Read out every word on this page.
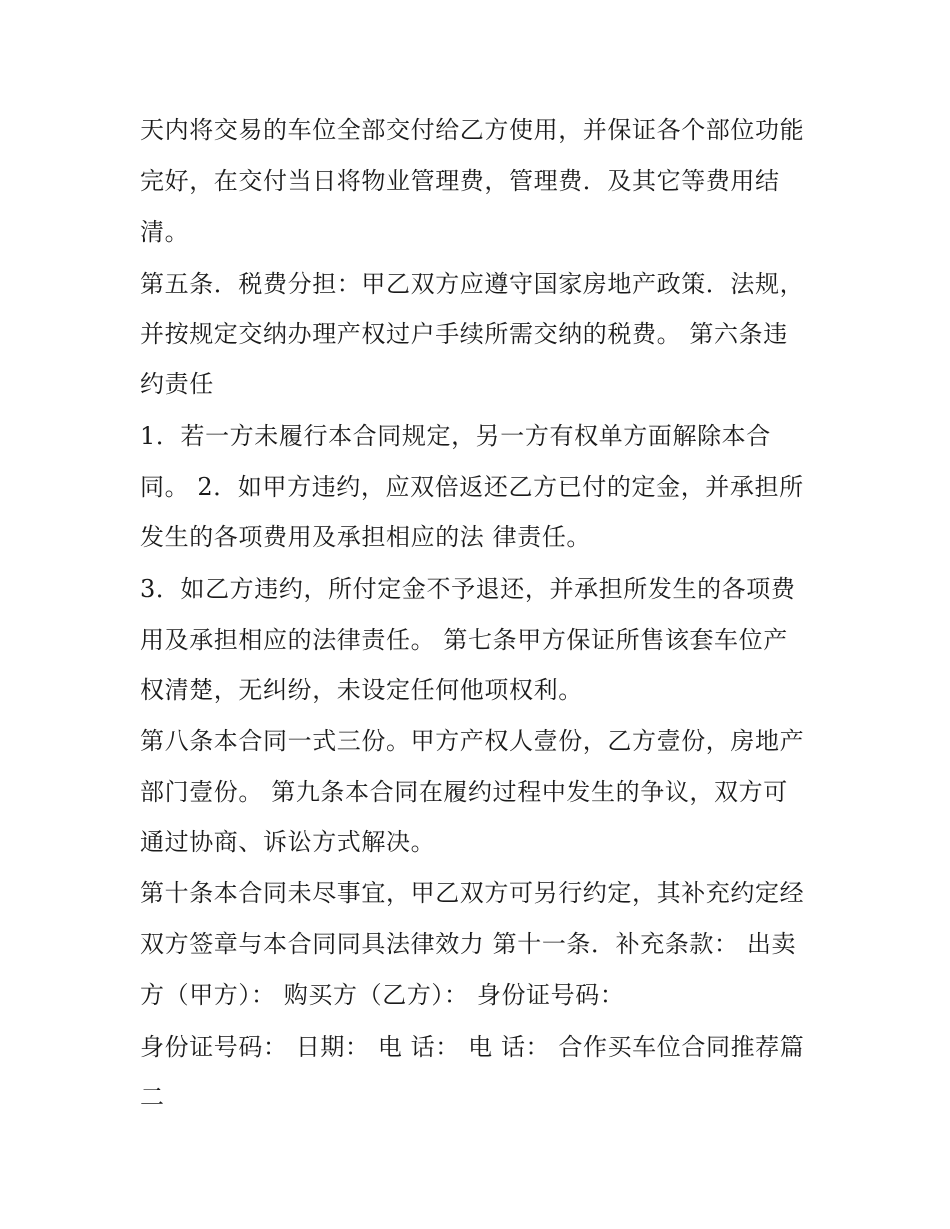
天内将交易的车位全部交付给乙方使用，并保证各个部位功能
完好，在交付当日将物业管理费，管理费．及其它等费用结
清。
第五条．税费分担：甲乙双方应遵守国家房地产政策．法规，
并按规定交纳办理产权过户手续所需交纳的税费。 第六条违
约责任
1．若一方未履行本合同规定，另一方有权单方面解除本合
同。 2．如甲方违约，应双倍返还乙方已付的定金，并承担所
发生的各项费用及承担相应的法 律责任。
3．如乙方违约，所付定金不予退还，并承担所发生的各项费
用及承担相应的法律责任。 第七条甲方保证所售该套车位产
权清楚，无纠纷，未设定任何他项权利。
第八条本合同一式三份。甲方产权人壹份，乙方壹份，房地产
部门壹份。 第九条本合同在履约过程中发生的争议，双方可
通过协商、诉讼方式解决。
第十条本合同未尽事宜，甲乙双方可另行约定，其补充约定经
双方签章与本合同同具法律效力 第十一条．补充条款： 出卖
方（甲方）： 购买方（乙方）： 身份证号码：
身份证号码： 日期： 电 话： 电 话： 合作买车位合同推荐篇
二
